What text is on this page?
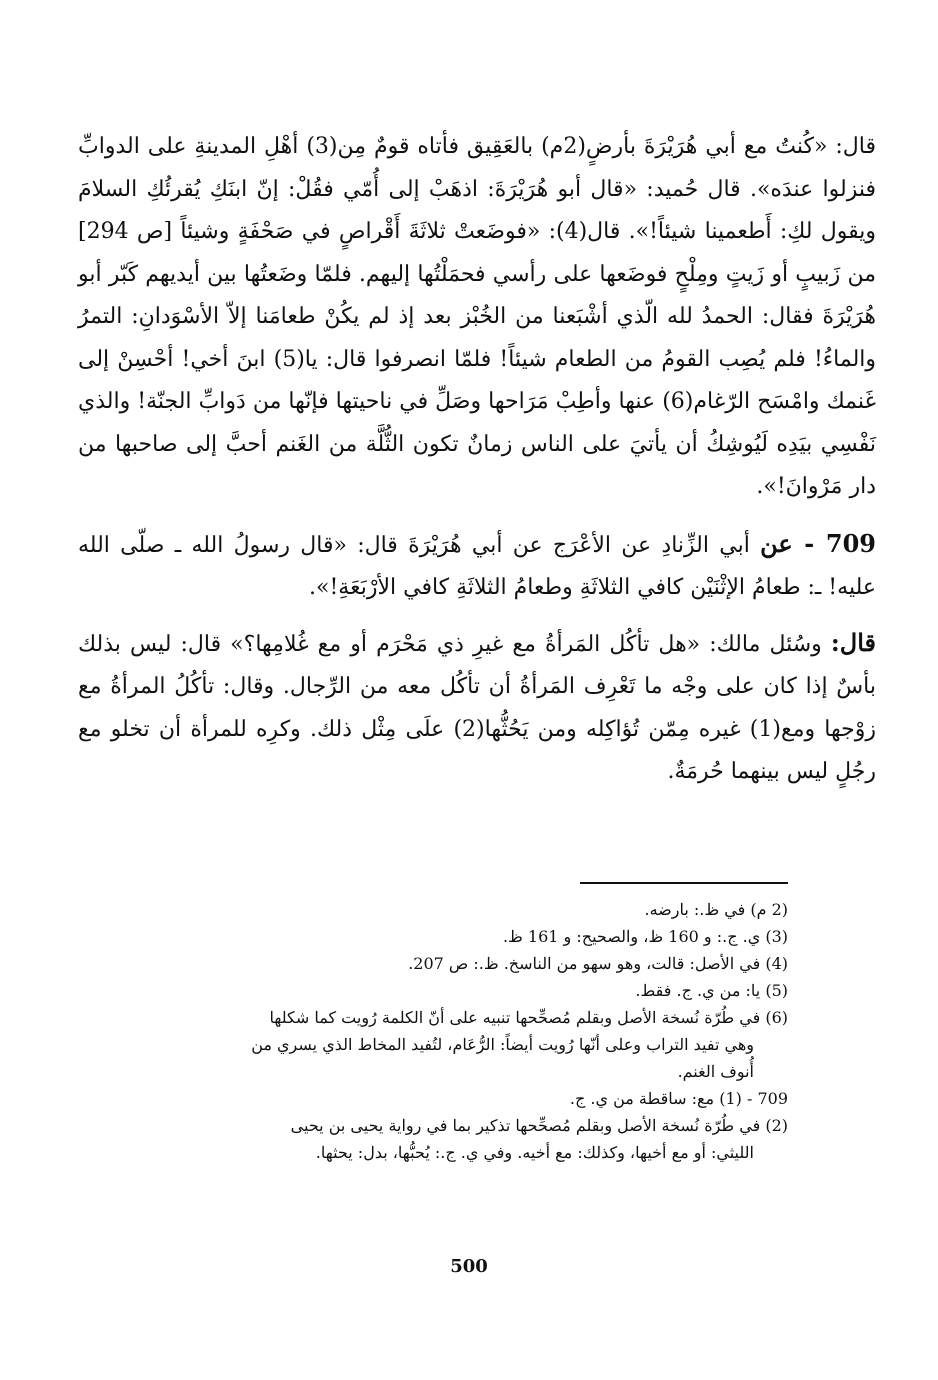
قال: «كُنتُ مع أبي هُرَيْرَةَ بأرضٍ(2م) بالعَقِيق فأتاه قومٌ مِن(3) أهْلِ المدينةِ على الدوابِّ فنزلوا عندَه». قال حُميد: «قال أبو هُرَيْرَةَ: اذهَبْ إلى أُمّي فقُلْ: إنّ ابنَكِ يُقرئُكِ السلامَ ويقول لكِ: أَطعمينا شيئاً!». قال(4): «فوضَعتْ ثلاثَةَ أَقْراصٍ في صَحْفَةٍ وشيئاً [ص 294] من زَبيبٍ أو زَيتٍ ومِلْحٍ فوضَعها على رأسي فحمَلْتُها إليهم. فلمّا وضَعتُها بين أيديهم كَبّر أبو هُرَيْرَةَ فقال: الحمدُ لله الّذي أشْبَعنا من الخُبْز بعد إذ لم يكُنْ طعامَنا إلاّ الأسْوَدانِ: التمرُ والماءُ! فلم يُصِب القومُ من الطعام شيئاً! فلمّا انصرفوا قال: يا(5) ابنَ أخي! أحْسِنْ إلى غَنمك وامْسَح الرّغام(6) عنها وأطِبْ مَرَاحها وصَلِّ في ناحيتها فإنّها من دَوابِّ الجنّة! والذي نَفْسِي بيَدِه لَيُوشِكُ أن يأتيَ على الناس زمانٌ تكون الثُّلَّة من الغَنم أحبَّ إلى صاحبها من دار مَرْوانَ!».

709 - عن أبي الزِّنادِ عن الأعْرَج عن أبي هُرَيْرَةَ قال: «قال رسولُ الله ـ صلّى الله عليه! ـ: طعامُ الإثْنَيْن كافي الثلاثَةِ وطعامُ الثلاثَةِ كافي الأرْبَعَةِ!».

قال: وسُئل مالك: «هل تأكُل المَرأةُ مع غيرِ ذي مَحْرَم أو مع غُلامِها؟» قال: ليس بذلك بأسٌ إذا كان على وجْه ما تَعْرِف المَرأةُ أن تأكُل معه من الرِّجال. وقال: تأكُلُ المرأةُ مع زوْجها ومع(1) غيره مِمّن تُؤاكِله ومن يَحُثُّها(2) علَى مِثْل ذلك. وكرِه للمرأة أن تخلو مع رجُلٍ ليس بينهما حُرمَةٌ.

(2 م) في ظ.: بارضه.

(3) ي. ج.: و 160 ظ، والصحيح: و 161 ظ.

(4) في الأصل: قالت، وهو سهو من الناسخ. ظ.: ص 207.

(5) يا: من ي. ج. فقط.

(6) في طُرّة نُسخة الأصل وبقلم مُصحِّحها تنبيه على أنّ الكلمة رُويت كما شكلها

وهي تفيد التراب وعلى أنّها رُويت أيضاً: الرُّعَام، لتُفيد المخاط الذي يسري من

أُنوف الغنم.

709 - (1) مع: ساقطة من ي. ج.

(2) في طُرّة نُسخة الأصل وبقلم مُصحِّحها تذكير بما في رواية يحيى بن يحيى

الليثي: أو مع أخيها، وكذلك: مع أخيه. وفي ي. ج.: يُحبُّها، بدل: يحثها.

500
